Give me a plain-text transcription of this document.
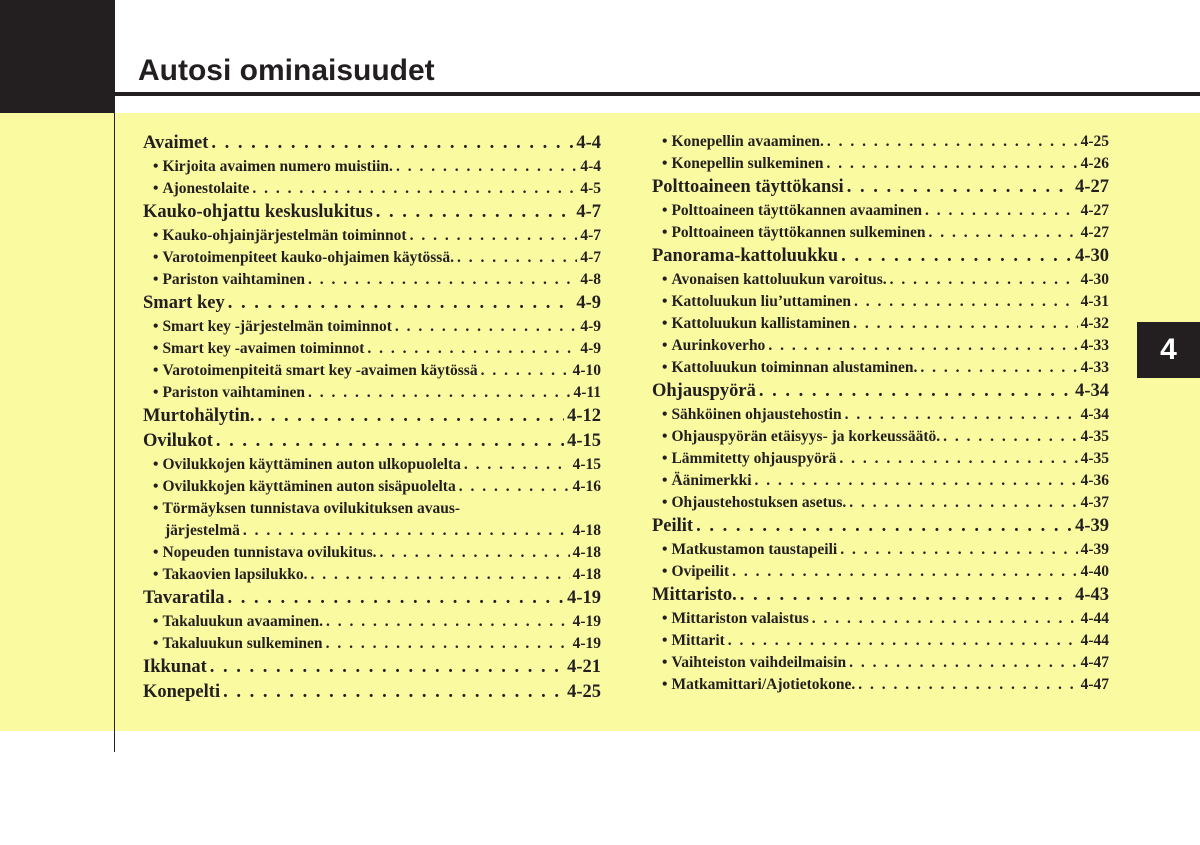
Autosi ominaisuudet
4
Avaimet . . .	4-4
• Kirjoita avaimen numero muistiin. . . .	4-4
• Ajonestolaite . . .	4-5
Kauko-ohjattu keskuslukitus . . .	4-7
• Kauko-ohjainjärjestelmän toiminnot . . .	4-7
• Varotoimenpiteet kauko-ohjaimen käytössä. . . .	4-7
• Pariston vaihtaminen . . .	4-8
Smart key . . .	4-9
• Smart key -järjestelmän toiminnot . . .	4-9
• Smart key -avaimen toiminnot . . .	4-9
• Varotoimenpiteitä smart key -avaimen käytössä . . .	4-10
• Pariston vaihtaminen . . .	4-11
Murtohälytin. . . .	4-12
Ovilukot . . .	4-15
• Ovilukkojen käyttäminen auton ulkopuolelta . . .	4-15
• Ovilukkojen käyttäminen auton sisäpuolelta . . .	4-16
• Törmäyksen tunnistava ovilukituksen avaus-
järjestelmä . . .	4-18
• Nopeuden tunnistava ovilukitus. . . .	4-18
• Takaovien lapsilukko. . . .	4-18
Tavaratila . . .	4-19
• Takaluukun avaaminen. . . .	4-19
• Takaluukun sulkeminen . . .	4-19
Ikkunat . . .	4-21
Konepelti . . .	4-25
• Konepellin avaaminen. . . .	4-25
• Konepellin sulkeminen . . .	4-26
Polttoaineen täyttökansi . . .	4-27
• Polttoaineen täyttökannen avaaminen . . .	4-27
• Polttoaineen täyttökannen sulkeminen . . .	4-27
Panorama-kattoluukku . . .	4-30
• Avonaisen kattoluukun varoitus. . . .	4-30
• Kattoluukun liu’uttaminen . . .	4-31
• Kattoluukun kallistaminen . . .	4-32
• Aurinkoverho . . .	4-33
• Kattoluukun toiminnan alustaminen. . . .	4-33
Ohjauspyörä . . .	4-34
• Sähköinen ohjaustehostin . . .	4-34
• Ohjauspyörän etäisyys- ja korkeussäätö. . . .	4-35
• Lämmitetty ohjauspyörä . . .	4-35
• Äänimerkki . . .	4-36
• Ohjaustehostuksen asetus. . . .	4-37
Peilit . . .	4-39
• Matkustamon taustapeili . . .	4-39
• Ovipeilit . . .	4-40
Mittaristo. . . .	4-43
• Mittariston valaistus . . .	4-44
• Mittarit . . .	4-44
• Vaihteiston vaihdeilmaisin . . .	4-47
• Matkamittari/Ajotietokone. . . .	4-47
